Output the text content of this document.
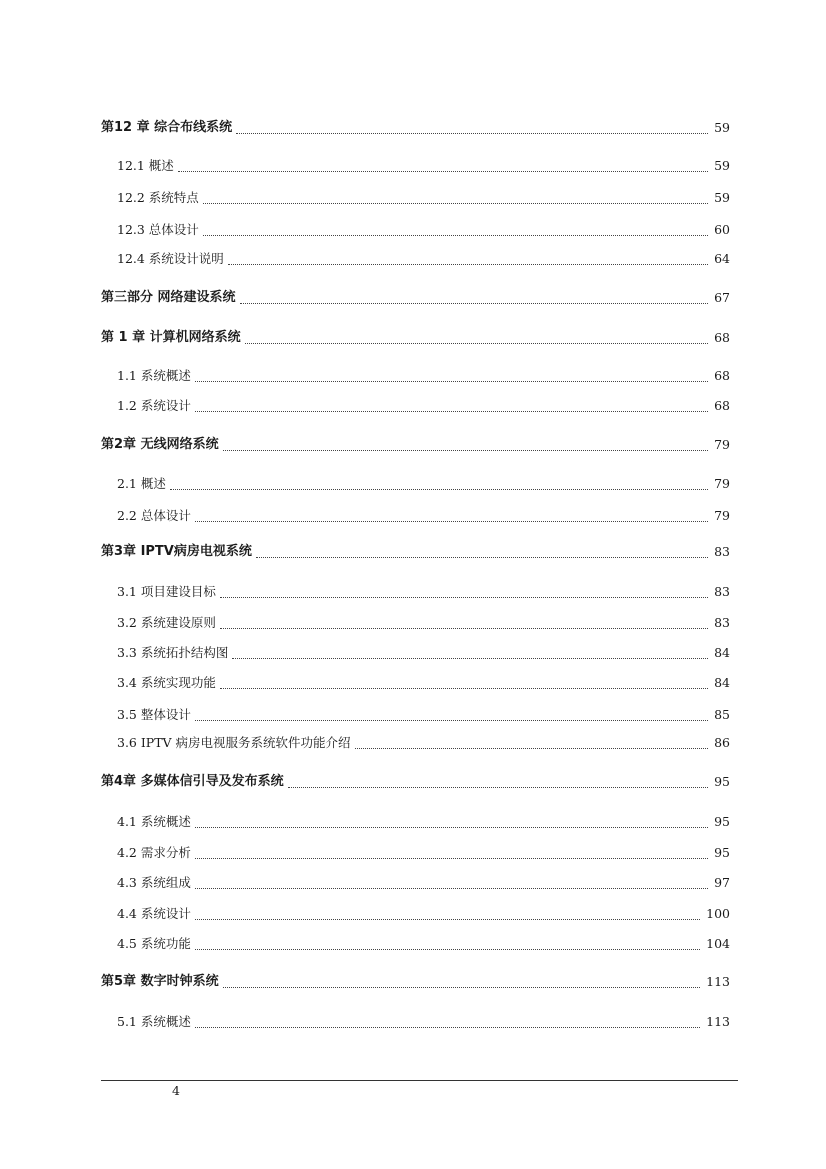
第12 章 综合布线系统	59
12.1 概述	59
12.2 系统特点	59
12.3 总体设计	60
12.4 系统设计说明	64
第三部分 网络建设系统	67
第 1 章 计算机网络系统	68
1.1 系统概述	68
1.2 系统设计	68
第2章 无线网络系统	79
2.1 概述	79
2.2 总体设计	79
第3章 IPTV病房电视系统	83
3.1 项目建设目标	83
3.2 系统建设原则	83
3.3 系统拓扑结构图	84
3.4 系统实现功能	84
3.5 整体设计	85
3.6 IPTV 病房电视服务系统软件功能介绍	86
第4章 多媒体信引导及发布系统	95
4.1 系统概述	95
4.2 需求分析	95
4.3 系统组成	97
4.4 系统设计	100
4.5 系统功能	104
第5章 数字时钟系统	113
5.1 系统概述	113
4
